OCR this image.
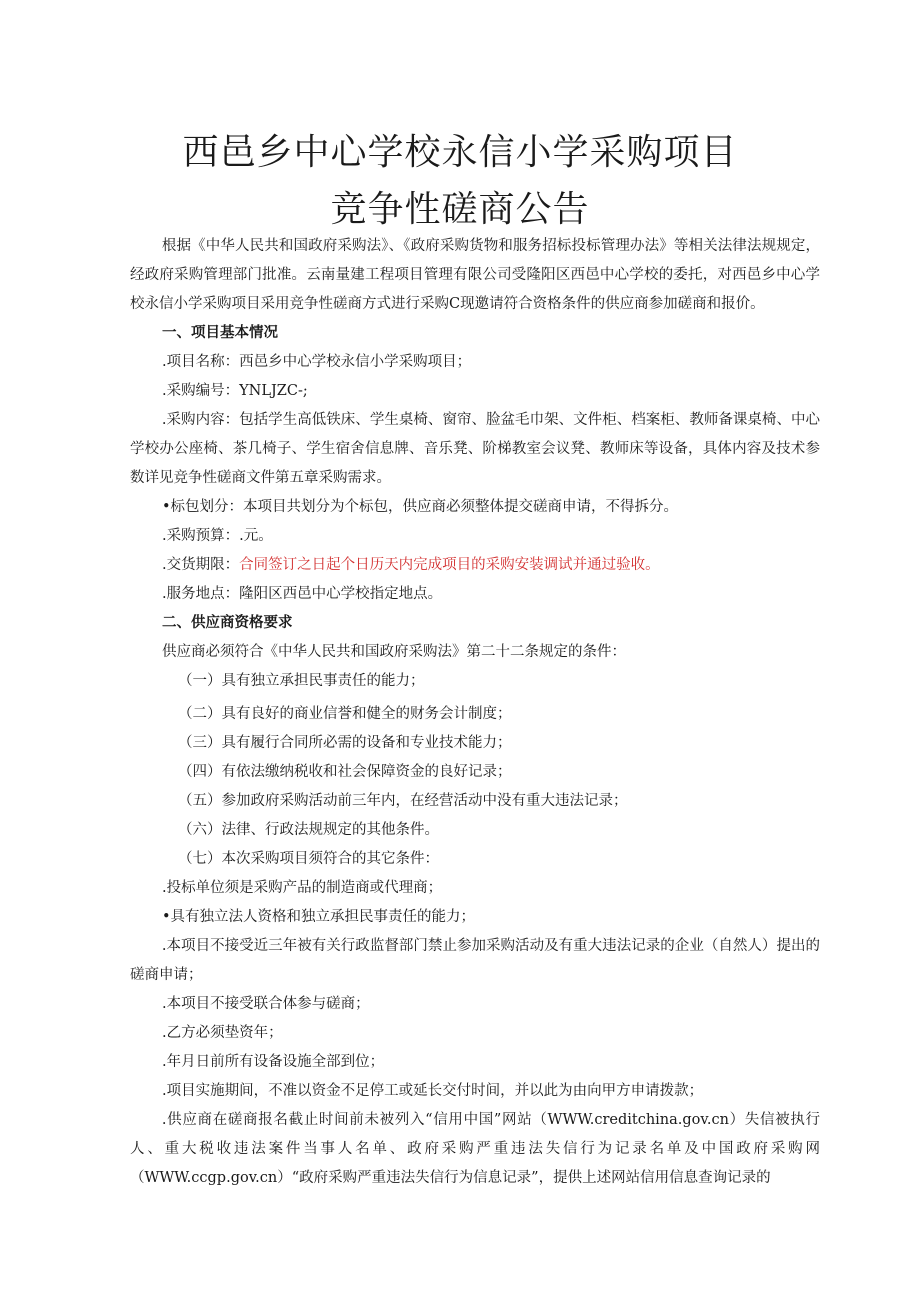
西邑乡中心学校永信小学采购项目
竞争性磋商公告

根据《中华人民共和国政府采购法》、《政府采购货物和服务招标投标管理办法》等相关法律法规规定，经政府采购管理部门批准。云南量建工程项目管理有限公司受隆阳区西邑中心学校的委托，对西邑乡中心学校永信小学采购项目采用竞争性磋商方式进行采购C现邀请符合资格条件的供应商参加磋商和报价。

一、项目基本情况

.项目名称：西邑乡中心学校永信小学采购项目；

.采购编号：YNLJZC-;

.采购内容：包括学生高低铁床、学生桌椅、窗帘、脸盆毛巾架、文件柜、档案柜、教师备课桌椅、中心学校办公座椅、茶几椅子、学生宿舍信息牌、音乐凳、阶梯教室会议凳、教师床等设备，具体内容及技术参数详见竞争性磋商文件第五章采购需求。

•标包划分：本项目共划分为个标包，供应商必须整体提交磋商申请，不得拆分。

.采购预算：.元。

.交货期限：合同签订之日起个日历天内完成项目的采购安装调试并通过验收。

.服务地点：隆阳区西邑中心学校指定地点。

二、供应商资格要求

供应商必须符合《中华人民共和国政府采购法》第二十二条规定的条件：

（一）具有独立承担民事责任的能力；

（二）具有良好的商业信誉和健全的财务会计制度；

（三）具有履行合同所必需的设备和专业技术能力；

（四）有依法缴纳税收和社会保障资金的良好记录；

（五）参加政府采购活动前三年内，在经营活动中没有重大违法记录；

（六）法律、行政法规规定的其他条件。

（七）本次采购项目须符合的其它条件：

.投标单位须是采购产品的制造商或代理商；

•具有独立法人资格和独立承担民事责任的能力；

.本项目不接受近三年被有关行政监督部门禁止参加采购活动及有重大违法记录的企业（自然人）提出的磋商申请；

.本项目不接受联合体参与磋商；

.乙方必须垫资年；

.年月日前所有设备设施全部到位；

.项目实施期间，不准以资金不足停工或延长交付时间，并以此为由向甲方申请拨款；

.供应商在磋商报名截止时间前未被列入“信用中国”网站（WWW.creditchina.gov.cn）失信被执行人、重大税收违法案件当事人名单、政府采购严重违法失信行为记录名单及中国政府采购网（WWW.ccgp.gov.cn）“政府采购严重违法失信行为信息记录”，提供上述网站信用信息查询记录的
